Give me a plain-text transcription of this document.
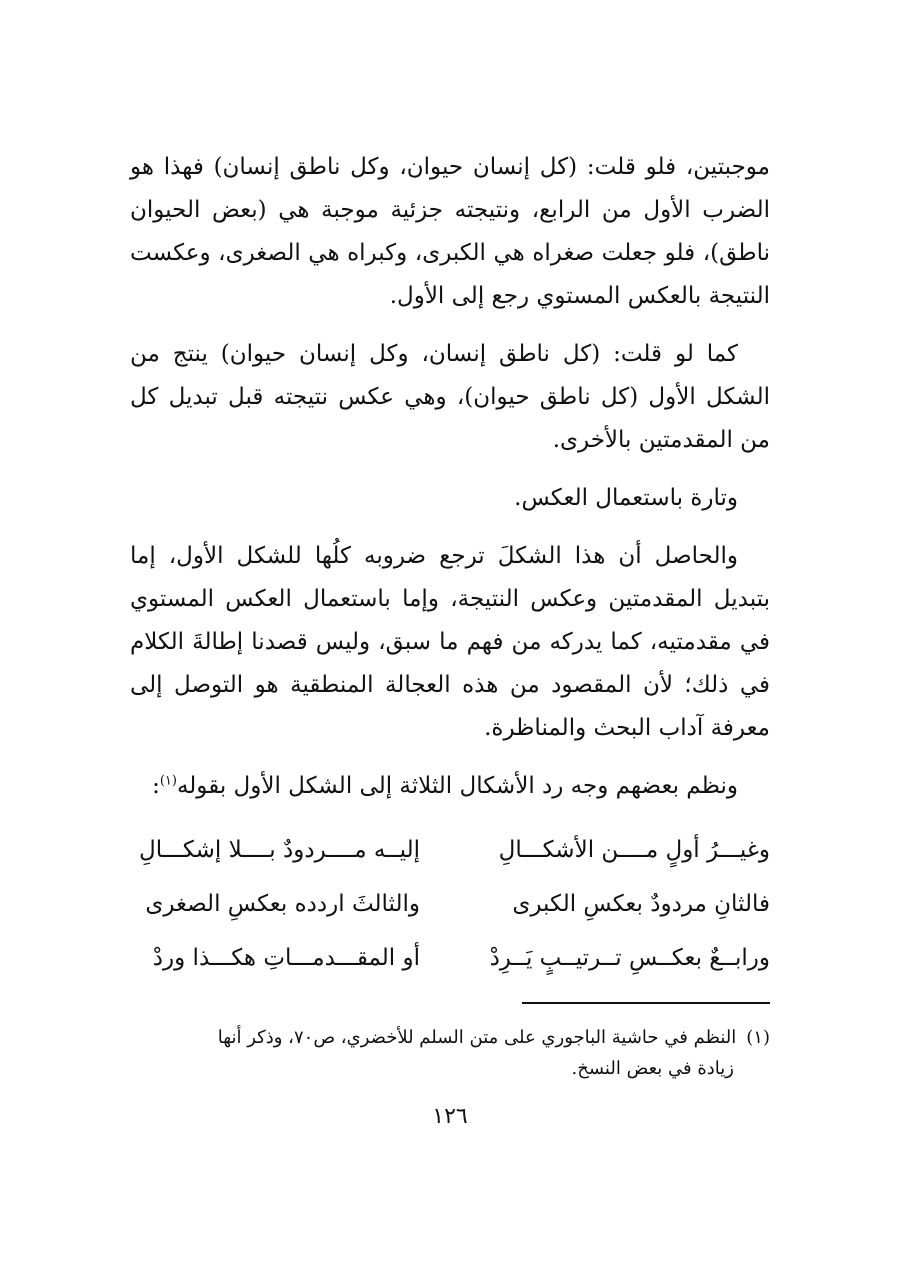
موجبتين، فلو قلت: (كل إنسان حيوان، وكل ناطق إنسان) فهذا هو الضرب الأول من الرابع، ونتيجته جزئية موجبة هي (بعض الحيوان ناطق)، فلو جعلت صغراه هي الكبرى، وكبراه هي الصغرى، وعكست النتيجة بالعكس المستوي رجع إلى الأول.

كما لو قلت: (كل ناطق إنسان، وكل إنسان حيوان) ينتج من الشكل الأول (كل ناطق حيوان)، وهي عكس نتيجته قبل تبديل كل من المقدمتين بالأخرى.

وتارة باستعمال العكس.

والحاصل أن هذا الشكلَ ترجع ضروبه كلُها للشكل الأول، إما بتبديل المقدمتين وعكس النتيجة، وإما باستعمال العكس المستوي في مقدمتيه، كما يدركه من فهم ما سبق، وليس قصدنا إطالةَ الكلام في ذلك؛ لأن المقصود من هذه العجالة المنطقية هو التوصل إلى معرفة آداب البحث والمناظرة.

ونظم بعضهم وجه رد الأشكال الثلاثة إلى الشكل الأول بقوله$^{(١)}$:

وغيـــرُ أولٍ مــــن الأشكـــالِ
إليــه مــــردودٌ بــــلا إشكـــالِ
فالثانِ مردودٌ بعكسِ الكبرى
والثالثَ اردده بعكسِ الصغرى
ورابــعٌ بعكــسِ تــرتيــبٍ يَــرِدْ
أو المقـــدمـــاتِ هكـــذا وردْ
(١)النظم في حاشية الباجوري على متن السلم للأخضري، ص٧٠، وذكر أنها
زيادة في بعض النسخ.
١٢٦
